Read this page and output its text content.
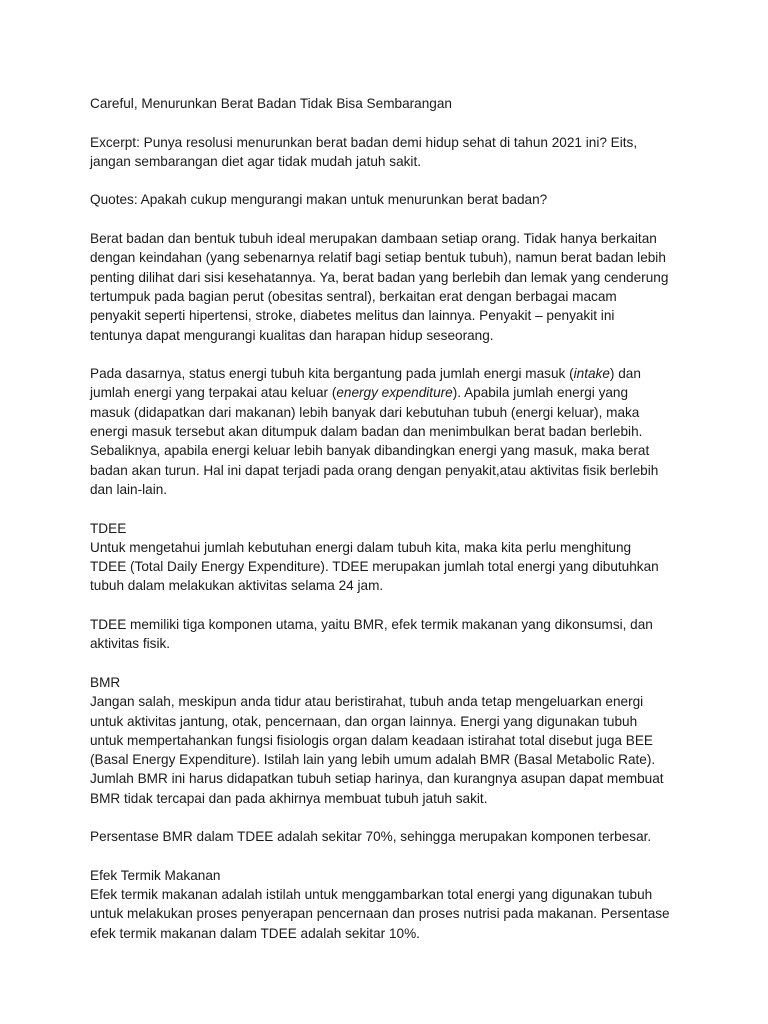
Careful, Menurunkan Berat Badan Tidak Bisa Sembarangan

Excerpt: Punya resolusi menurunkan berat badan demi hidup sehat di tahun 2021 ini? Eits,
jangan sembarangan diet agar tidak mudah jatuh sakit.

Quotes: Apakah cukup mengurangi makan untuk menurunkan berat badan?

Berat badan dan bentuk tubuh ideal merupakan dambaan setiap orang. Tidak hanya berkaitan
dengan keindahan (yang sebenarnya relatif bagi setiap bentuk tubuh), namun berat badan lebih
penting dilihat dari sisi kesehatannya. Ya, berat badan yang berlebih dan lemak yang cenderung
tertumpuk pada bagian perut (obesitas sentral), berkaitan erat dengan berbagai macam
penyakit seperti hipertensi, stroke, diabetes melitus dan lainnya. Penyakit – penyakit ini
tentunya dapat mengurangi kualitas dan harapan hidup seseorang.

Pada dasarnya, status energi tubuh kita bergantung pada jumlah energi masuk (intake) dan
jumlah energi yang terpakai atau keluar (energy expenditure). Apabila jumlah energi yang
masuk (didapatkan dari makanan) lebih banyak dari kebutuhan tubuh (energi keluar), maka
energi masuk tersebut akan ditumpuk dalam badan dan menimbulkan berat badan berlebih.
Sebaliknya, apabila energi keluar lebih banyak dibandingkan energi yang masuk, maka berat
badan akan turun. Hal ini dapat terjadi pada orang dengan penyakit,atau aktivitas fisik berlebih
dan lain-lain.

TDEE

Untuk mengetahui jumlah kebutuhan energi dalam tubuh kita, maka kita perlu menghitung
TDEE (Total Daily Energy Expenditure). TDEE merupakan jumlah total energi yang dibutuhkan
tubuh dalam melakukan aktivitas selama 24 jam.

TDEE memiliki tiga komponen utama, yaitu BMR, efek termik makanan yang dikonsumsi, dan
aktivitas fisik.

BMR

Jangan salah, meskipun anda tidur atau beristirahat, tubuh anda tetap mengeluarkan energi
untuk aktivitas jantung, otak, pencernaan, dan organ lainnya. Energi yang digunakan tubuh
untuk mempertahankan fungsi fisiologis organ dalam keadaan istirahat total disebut juga BEE
(Basal Energy Expenditure). Istilah lain yang lebih umum adalah BMR (Basal Metabolic Rate).
Jumlah BMR ini harus didapatkan tubuh setiap harinya, dan kurangnya asupan dapat membuat
BMR tidak tercapai dan pada akhirnya membuat tubuh jatuh sakit.

Persentase BMR dalam TDEE adalah sekitar 70%, sehingga merupakan komponen terbesar.

Efek Termik Makanan

Efek termik makanan adalah istilah untuk menggambarkan total energi yang digunakan tubuh
untuk melakukan proses penyerapan pencernaan dan proses nutrisi pada makanan. Persentase
efek termik makanan dalam TDEE adalah sekitar 10%.
